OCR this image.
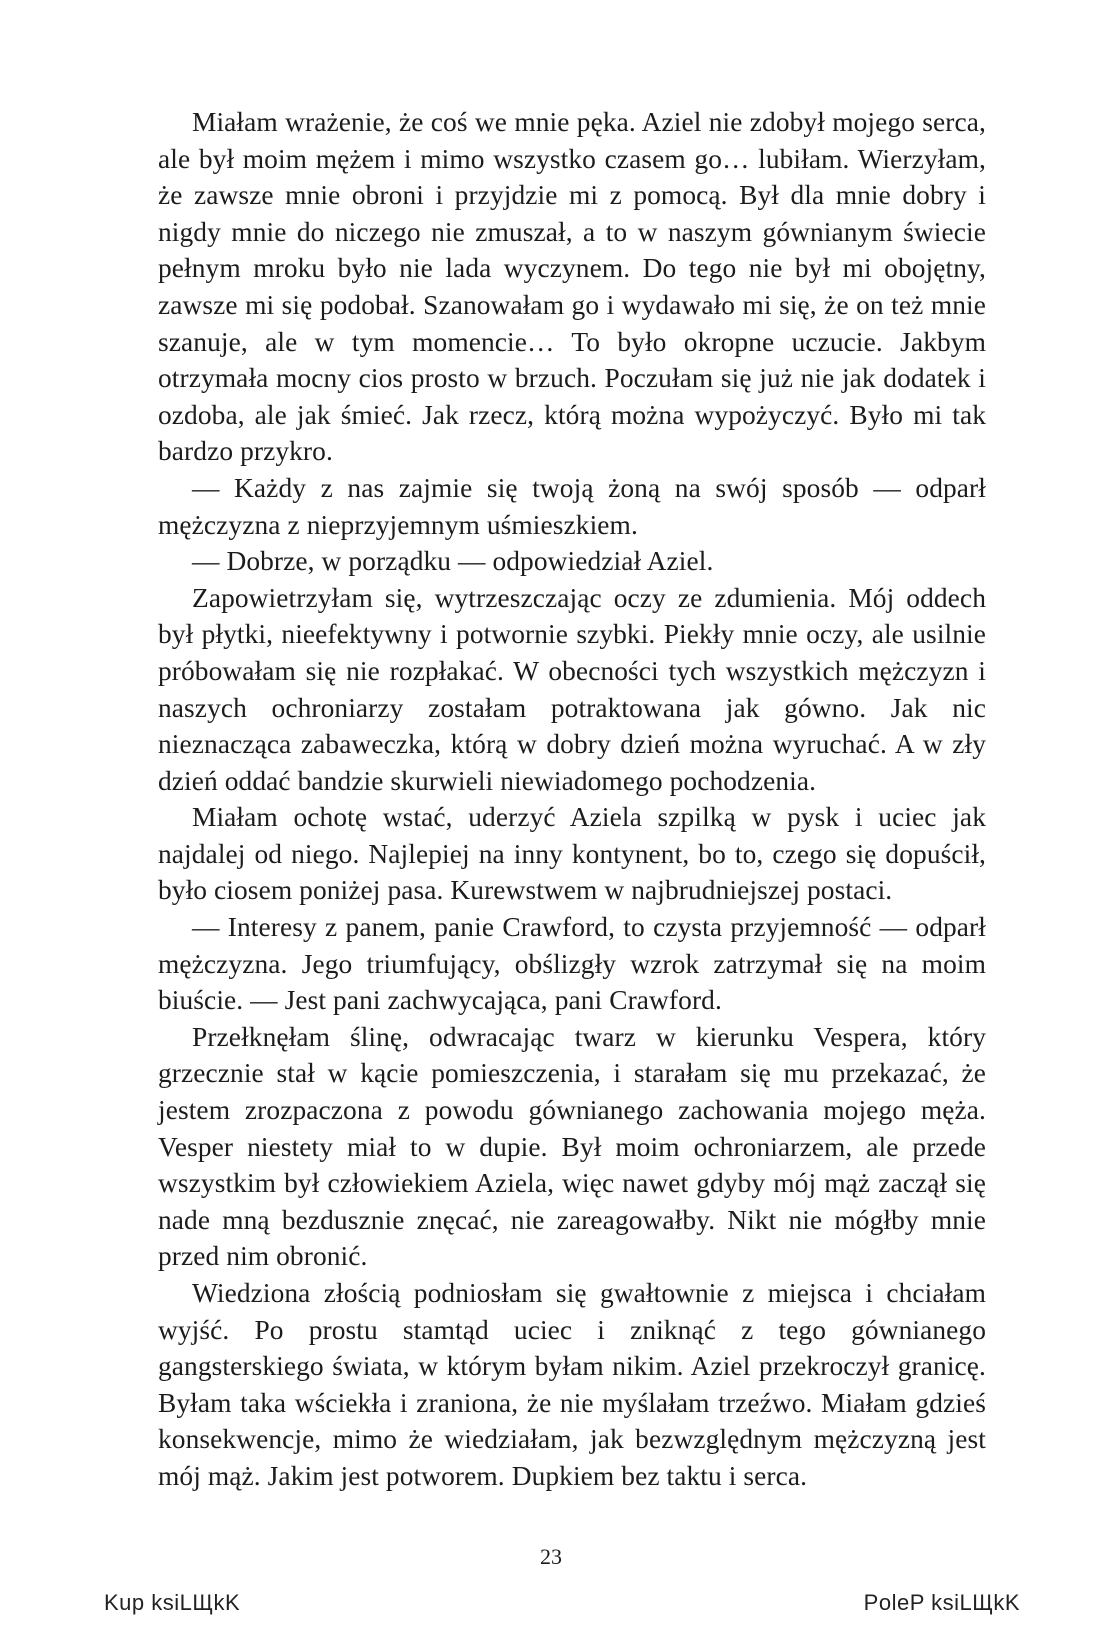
Miałam wrażenie, że coś we mnie pęka. Aziel nie zdobył mojego serca, ale był moim mężem i mimo wszystko czasem go… lubiłam. Wierzyłam, że zawsze mnie obroni i przyjdzie mi z pomocą. Był dla mnie dobry i nigdy mnie do niczego nie zmuszał, a to w naszym gównianym świecie pełnym mroku było nie lada wyczynem. Do tego nie był mi obojętny, zawsze mi się podobał. Szanowałam go i wydawało mi się, że on też mnie szanuje, ale w tym momencie… To było okropne uczucie. Jakbym otrzymała mocny cios prosto w brzuch. Poczułam się już nie jak dodatek i ozdoba, ale jak śmieć. Jak rzecz, którą można wypożyczyć. Było mi tak bardzo przykro.

— Każdy z nas zajmie się twoją żoną na swój sposób — odparł mężczyzna z nieprzyjemnym uśmieszkiem.

— Dobrze, w porządku — odpowiedział Aziel.

Zapowietrzyłam się, wytrzeszczając oczy ze zdumienia. Mój oddech był płytki, nieefektywny i potwornie szybki. Piekły mnie oczy, ale usilnie próbowałam się nie rozpłakać. W obecności tych wszystkich mężczyzn i naszych ochroniarzy zostałam potraktowana jak gówno. Jak nic nieznacząca zabaweczka, którą w dobry dzień można wyruchać. A w zły dzień oddać bandzie skurwieli niewiadomego pochodzenia.

Miałam ochotę wstać, uderzyć Aziela szpilką w pysk i uciec jak najdalej od niego. Najlepiej na inny kontynent, bo to, czego się dopuścił, było ciosem poniżej pasa. Kurewstwem w najbrudniejszej postaci.

— Interesy z panem, panie Crawford, to czysta przyjemność — odparł mężczyzna. Jego triumfujący, obślizgły wzrok zatrzymał się na moim biuście. — Jest pani zachwycająca, pani Crawford.

Przełknęłam ślinę, odwracając twarz w kierunku Vespera, który grzecznie stał w kącie pomieszczenia, i starałam się mu przekazać, że jestem zrozpaczona z powodu gównianego zachowania mojego męża. Vesper niestety miał to w dupie. Był moim ochroniarzem, ale przede wszystkim był człowiekiem Aziela, więc nawet gdyby mój mąż zaczął się nade mną bezdusznie znęcać, nie zareagowałby. Nikt nie mógłby mnie przed nim obronić.

Wiedziona złością podniosłam się gwałtownie z miejsca i chciałam wyjść. Po prostu stamtąd uciec i zniknąć z tego gównianego gangsterskiego świata, w którym byłam nikim. Aziel przekroczył granicę. Byłam taka wściekła i zraniona, że nie myślałam trzeźwo. Miałam gdzieś konsekwencje, mimo że wiedziałam, jak bezwzględnym mężczyzną jest mój mąż. Jakim jest potworem. Dupkiem bez taktu i serca.

23
Kup ksiLЩkK	PoleP ksiLЩkK
